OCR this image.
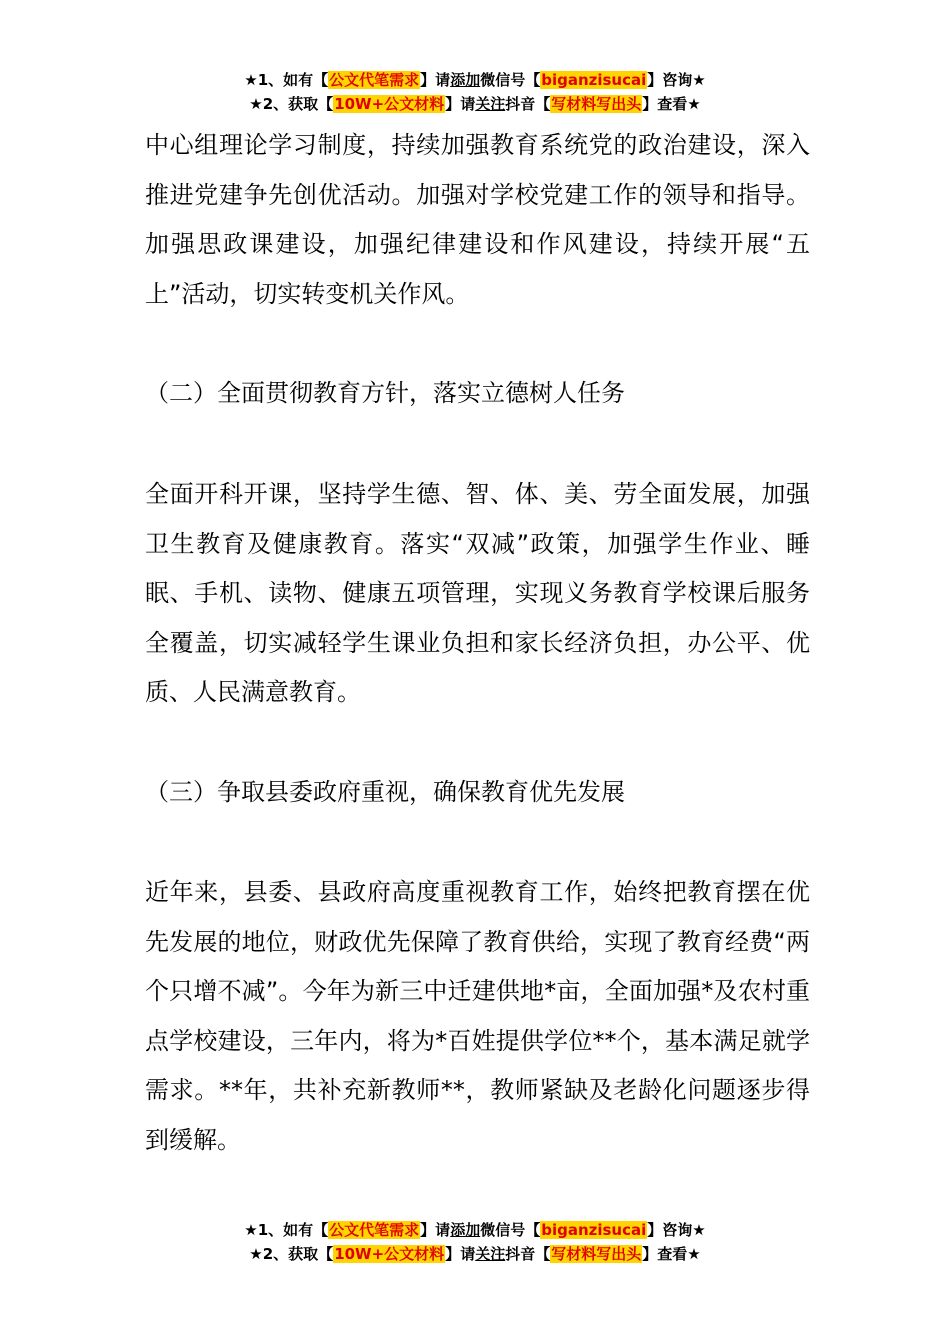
★1、如有【公文代笔需求】请添加微信号【biganzisucai】咨询★
★2、获取【10W+公文材料】请关注抖音【写材料写出头】查看★
中心组理论学习制度，持续加强教育系统党的政治建设，深入推进党建争先创优活动。加强对学校党建工作的领导和指导。加强思政课建设，加强纪律建设和作风建设，持续开展“五上”活动，切实转变机关作风。
（二）全面贯彻教育方针，落实立德树人任务
全面开科开课，坚持学生德、智、体、美、劳全面发展，加强卫生教育及健康教育。落实“双减”政策，加强学生作业、睡眠、手机、读物、健康五项管理，实现义务教育学校课后服务全覆盖，切实减轻学生课业负担和家长经济负担，办公平、优质、人民满意教育。
（三）争取县委政府重视，确保教育优先发展
近年来，县委、县政府高度重视教育工作，始终把教育摆在优先发展的地位，财政优先保障了教育供给，实现了教育经费“两个只增不减”。今年为新三中迁建供地*亩，全面加强*及农村重点学校建设，三年内，将为*百姓提供学位**个，基本满足就学需求。**年，共补充新教师**，教师紧缺及老龄化问题逐步得到缓解。
★1、如有【公文代笔需求】请添加微信号【biganzisucai】咨询★
★2、获取【10W+公文材料】请关注抖音【写材料写出头】查看★
